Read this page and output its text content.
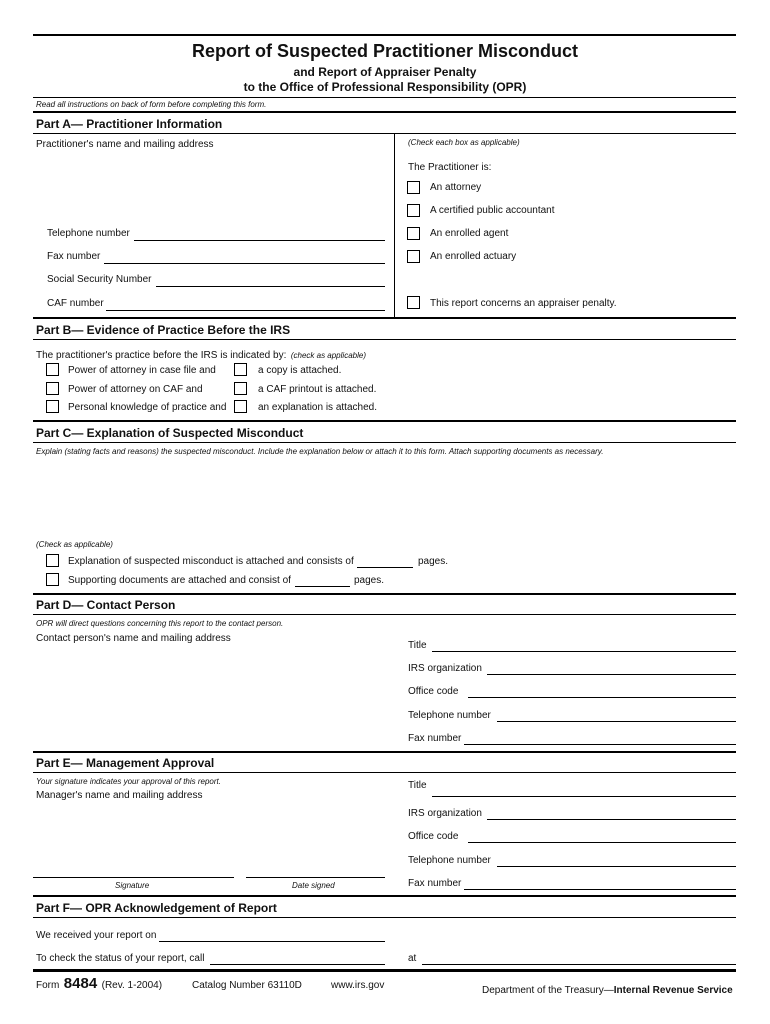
Report of Suspected Practitioner Misconduct
and Report of Appraiser Penalty
to the Office of Professional Responsibility (OPR)
Read all instructions on back of form before completing this form.
Part A— Practitioner Information
Practitioner's name and mailing address	(Check each box as applicable)
The Practitioner is:
An attorney
A certified public accountant
An enrolled agent
An enrolled actuary
This report concerns an appraiser penalty.
Telephone number
Fax number
Social Security Number
CAF number
Part B— Evidence of Practice Before the IRS
The practitioner's practice before the IRS is indicated by: (check as applicable)
Power of attorney in case file and	a copy is attached.
Power of attorney on CAF and	a CAF printout is attached.
Personal knowledge of practice and	an explanation is attached.
Part C— Explanation of Suspected Misconduct
Explain (stating facts and reasons) the suspected misconduct. Include the explanation below or attach it to this form. Attach supporting documents as necessary.
(Check as applicable)
Explanation of suspected misconduct is attached and consists of	pages.
Supporting documents are attached and consist of	pages.
Part D— Contact Person
OPR will direct questions concerning this report to the contact person.
Contact person's name and mailing address
Title
IRS organization
Office code
Telephone number
Fax number
Part E— Management Approval
Your signature indicates your approval of this report.
Manager's name and mailing address
Signature	Date signed
Title
IRS organization
Office code
Telephone number
Fax number
Part F— OPR Acknowledgement of Report
We received your report on
To check the status of your report, call	at
Form 8484 (Rev. 1-2004)	Catalog Number 63110D	www.irs.gov	Department of the Treasury—Internal Revenue Service
